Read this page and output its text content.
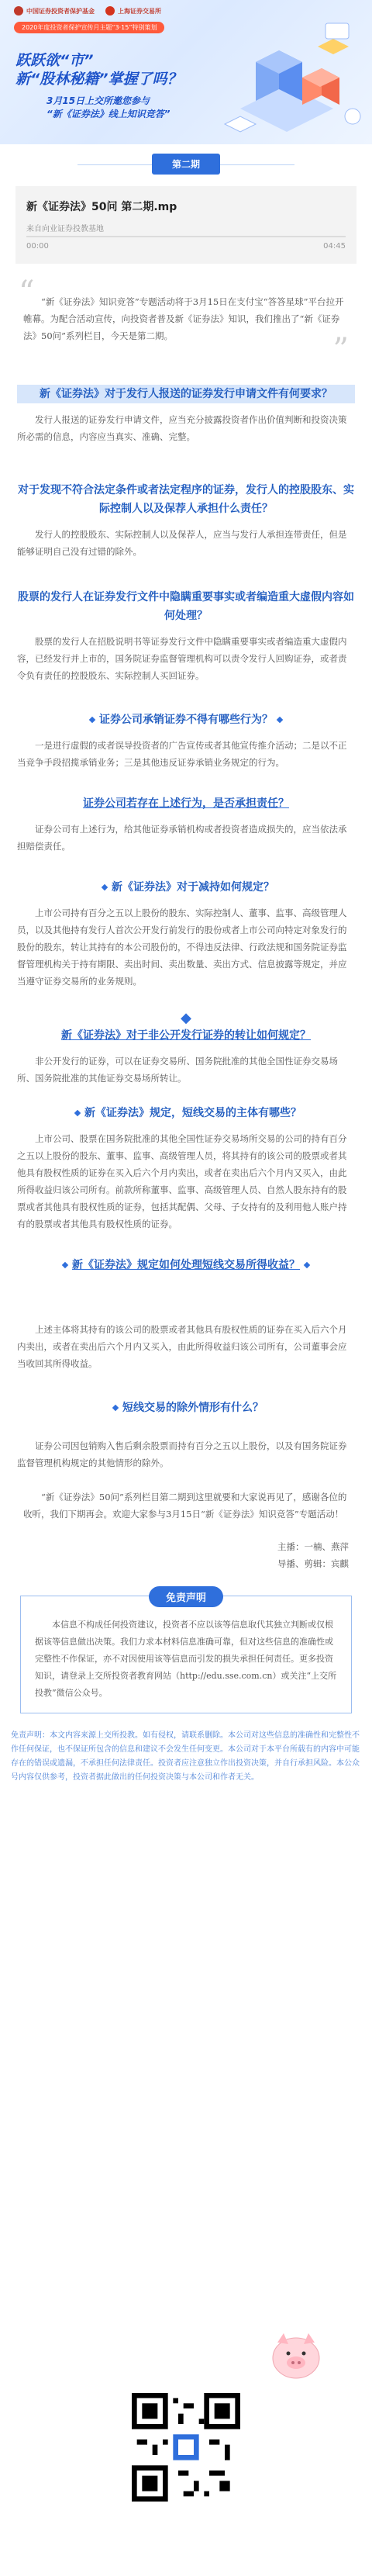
中国证券投资者保护基金	上海证券交易所
2020年度投资者保护宣传月主题“3·15”特别策划
跃跃欲“市”
新“股林秘籍”掌握了吗？
3月15日上交所邀您参与
“新《证券法》线上知识竞答”
第二期
新《证券法》50问 第二期.mp
来自向业证券投教基地
00:00	04:45
“ “新《证券法》知识竞答”专题活动将于3月15日在支付宝“答答星球”平台拉开帷幕。为配合活动宣传，向投资者普及新《证券法》知识，我们推出了“新《证券法》50问”系列栏目，今天是第二期。	”
新《证券法》对于发行人报送的证券发行申请文件有何要求？
发行人报送的证券发行申请文件，应当充分披露投资者作出价值判断和投资决策所必需的信息，内容应当真实、准确、完整。
对于发现不符合法定条件或者法定程序的证券，发行人的控股股东、实际控制人以及保荐人承担什么责任？
发行人的控股股东、实际控制人以及保荐人，应当与发行人承担连带责任，但是能够证明自己没有过错的除外。
股票的发行人在证券发行文件中隐瞒重要事实或者编造重大虚假内容如何处理？
股票的发行人在招股说明书等证券发行文件中隐瞒重要事实或者编造重大虚假内容，已经发行并上市的，国务院证券监督管理机构可以责令发行人回购证券，或者责令负有责任的控股股东、实际控制人买回证券。
证券公司承销证券不得有哪些行为？
一是进行虚假的或者误导投资者的广告宣传或者其他宣传推介活动；二是以不正当竞争手段招揽承销业务；三是其他违反证券承销业务规定的行为。
证券公司若存在上述行为，是否承担责任？
证券公司有上述行为，给其他证券承销机构或者投资者造成损失的，应当依法承担赔偿责任。
新《证券法》对于减持如何规定？
上市公司持有百分之五以上股份的股东、实际控制人、董事、监事、高级管理人员，以及其他持有发行人首次公开发行前发行的股份或者上市公司向特定对象发行的股份的股东，转让其持有的本公司股份的，不得违反法律、行政法规和国务院证券监督管理机构关于持有期限、卖出时间、卖出数量、卖出方式、信息披露等规定，并应当遵守证券交易所的业务规则。
◆
新《证券法》对于非公开发行证券的转让如何规定？
非公开发行的证券，可以在证券交易所、国务院批准的其他全国性证券交易场所、国务院批准的其他证券交易场所转让。
新《证券法》规定，短线交易的主体有哪些？
上市公司、股票在国务院批准的其他全国性证券交易场所交易的公司的持有百分之五以上股份的股东、董事、监事、高级管理人员，将其持有的该公司的股票或者其他具有股权性质的证券在买入后六个月内卖出，或者在卖出后六个月内又买入，由此所得收益归该公司所有。前款所称董事、监事、高级管理人员、自然人股东持有的股票或者其他具有股权性质的证券，包括其配偶、父母、子女持有的及利用他人账户持有的股票或者其他具有股权性质的证券。
新《证券法》规定如何处理短线交易所得收益？
上述主体将其持有的该公司的股票或者其他具有股权性质的证券在买入后六个月内卖出，或者在卖出后六个月内又买入，由此所得收益归该公司所有，公司董事会应当收回其所得收益。
短线交易的除外情形有什么？
证券公司因包销购入售后剩余股票而持有百分之五以上股份，以及有国务院证券监督管理机构规定的其他情形的除外。

“新《证券法》50问”系列栏目第二期到这里就要和大家说再见了，感谢各位的收听，我们下期再会。欢迎大家参与3月15日“新《证券法》知识竞答”专题活动！

主播：一楠、燕萍

导播、剪辑：宾麒

免责声明

本信息不构成任何投资建议，投资者不应以该等信息取代其独立判断或仅根据该等信息做出决策。我们力求本材料信息准确可靠，但对这些信息的准确性或完整性不作保证，亦不对因使用该等信息而引发的损失承担任何责任。更多投资知识，请登录上交所投资者教育网站（http://edu.sse.com.cn）或关注“上交所投教”微信公众号。

免责声明：本文内容来源上交所投教。如有侵权，请联系删除。本公司对这些信息的准确性和完整性不作任何保证，也不保证所包含的信息和建议不会发生任何变更。本公司对于本平台所载有的内容中可能存在的错误或遗漏，不承担任何法律责任。投资者应注意独立作出投资决策，并自行承担风险。本公众号内容仅供参考，投资者据此做出的任何投资决策与本公司和作者无关。
